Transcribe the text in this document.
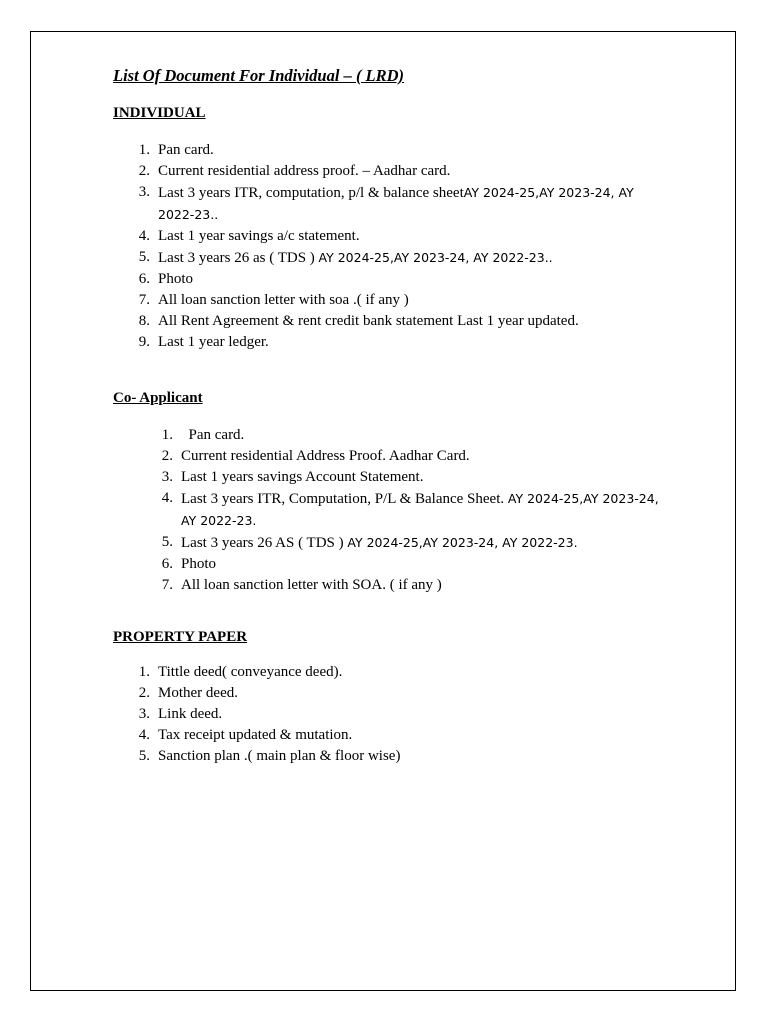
List Of Document For Individual – ( LRD)
INDIVIDUAL
1. Pan card.
2. Current residential address proof. – Aadhar card.
3. Last 3 years ITR, computation, p/l & balance sheetAY 2024-25,AY 2023-24, AY 2022-23..
4. Last 1 year savings a/c statement.
5. Last 3 years 26 as ( TDS ) AY 2024-25,AY 2023-24, AY 2022-23..
6. Photo
7. All loan sanction letter with soa .( if any )
8. All Rent Agreement & rent credit bank statement Last 1 year updated.
9. Last 1 year ledger.
Co- Applicant
1. Pan card.
2. Current residential Address Proof. Aadhar Card.
3. Last 1 years savings Account Statement.
4. Last 3 years ITR, Computation, P/L & Balance Sheet. AY 2024-25,AY 2023-24, AY 2022-23.
5. Last 3 years 26 AS ( TDS ) AY 2024-25,AY 2023-24, AY 2022-23.
6. Photo
7. All loan sanction letter with SOA. ( if any )
PROPERTY PAPER
1. Tittle deed( conveyance deed).
2. Mother deed.
3. Link deed.
4. Tax receipt updated & mutation.
5. Sanction plan .( main plan & floor wise)
